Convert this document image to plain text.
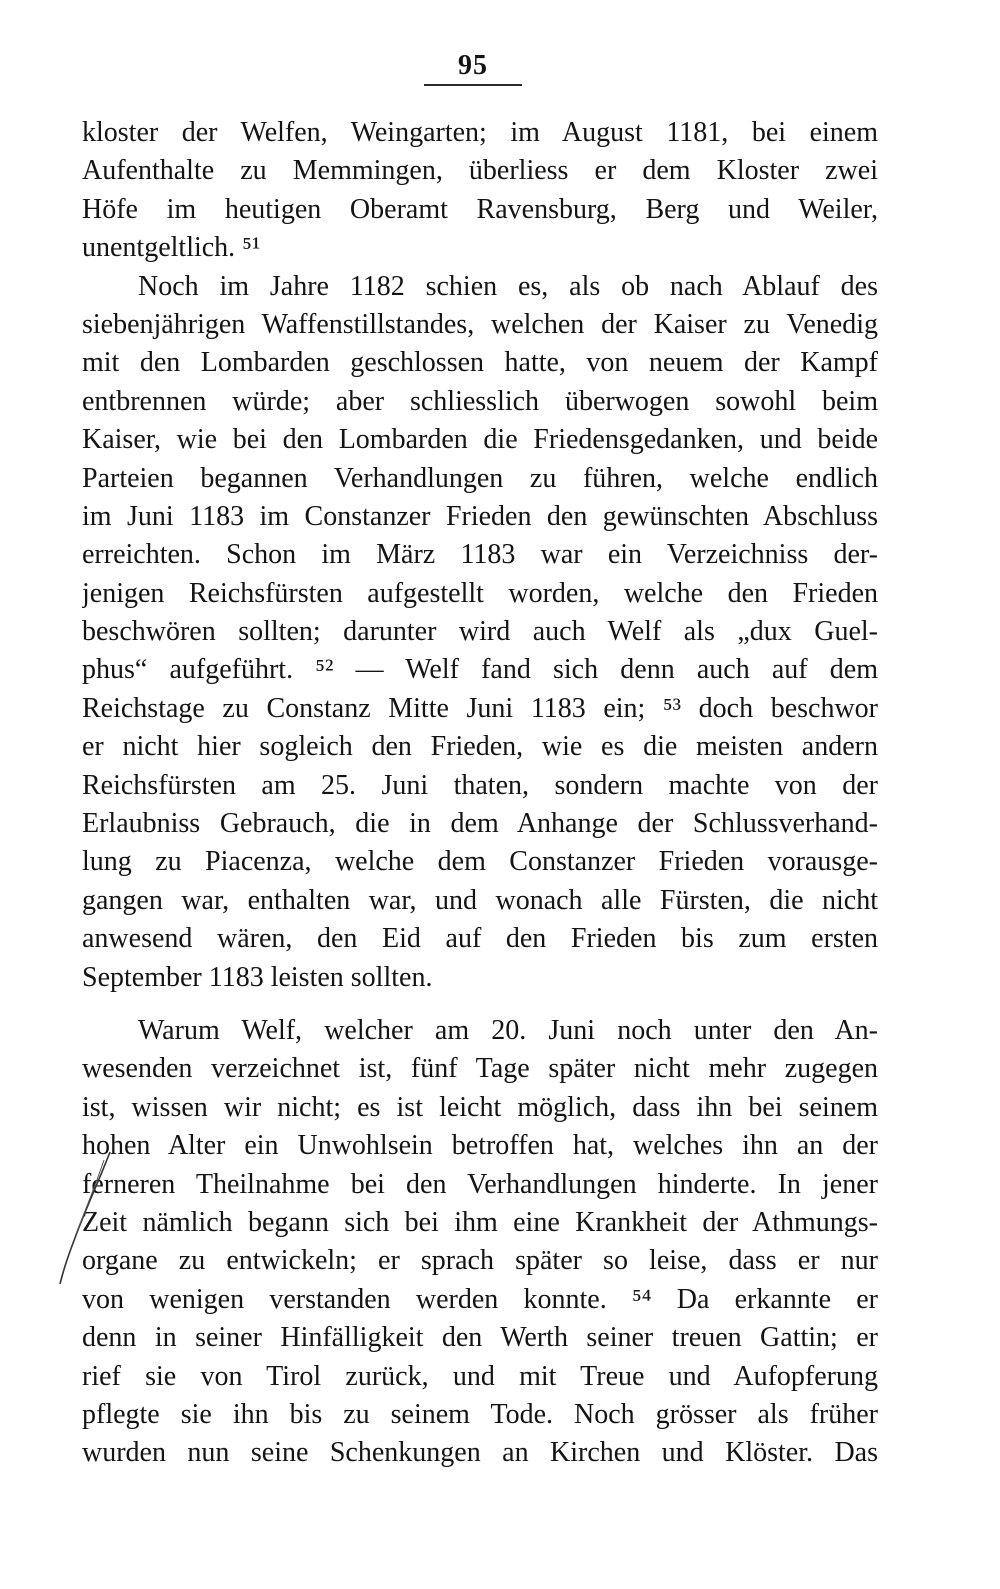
95
kloster der Welfen, Weingarten; im August 1181, bei einem
Aufenthalte zu Memmingen, überliess er dem Kloster zwei
Höfe im heutigen Oberamt Ravensburg, Berg und Weiler,
unentgeltlich. ⁵¹
Noch im Jahre 1182 schien es, als ob nach Ablauf des
siebenjährigen Waffenstillstandes, welchen der Kaiser zu Venedig
mit den Lombarden geschlossen hatte, von neuem der Kampf
entbrennen würde; aber schliesslich überwogen sowohl beim
Kaiser, wie bei den Lombarden die Friedensgedanken, und beide
Parteien begannen Verhandlungen zu führen, welche endlich
im Juni 1183 im Constanzer Frieden den gewünschten Abschluss
erreichten. Schon im März 1183 war ein Verzeichniss der-
jenigen Reichsfürsten aufgestellt worden, welche den Frieden
beschwören sollten; darunter wird auch Welf als „dux Guel-
phus“ aufgeführt. ⁵² — Welf fand sich denn auch auf dem
Reichstage zu Constanz Mitte Juni 1183 ein; ⁵³ doch beschwor
er nicht hier sogleich den Frieden, wie es die meisten andern
Reichsfürsten am 25. Juni thaten, sondern machte von der
Erlaubniss Gebrauch, die in dem Anhange der Schlussverhand-
lung zu Piacenza, welche dem Constanzer Frieden vorausge-
gangen war, enthalten war, und wonach alle Fürsten, die nicht
anwesend wären, den Eid auf den Frieden bis zum ersten
September 1183 leisten sollten.
Warum Welf, welcher am 20. Juni noch unter den An-
wesenden verzeichnet ist, fünf Tage später nicht mehr zugegen
ist, wissen wir nicht; es ist leicht möglich, dass ihn bei seinem
hohen Alter ein Unwohlsein betroffen hat, welches ihn an der
ferneren Theilnahme bei den Verhandlungen hinderte. In jener
Zeit nämlich begann sich bei ihm eine Krankheit der Athmungs-
organe zu entwickeln; er sprach später so leise, dass er nur
von wenigen verstanden werden konnte. ⁵⁴ Da erkannte er
denn in seiner Hinfälligkeit den Werth seiner treuen Gattin; er
rief sie von Tirol zurück, und mit Treue und Aufopferung
pflegte sie ihn bis zu seinem Tode. Noch grösser als früher
wurden nun seine Schenkungen an Kirchen und Klöster. Das
